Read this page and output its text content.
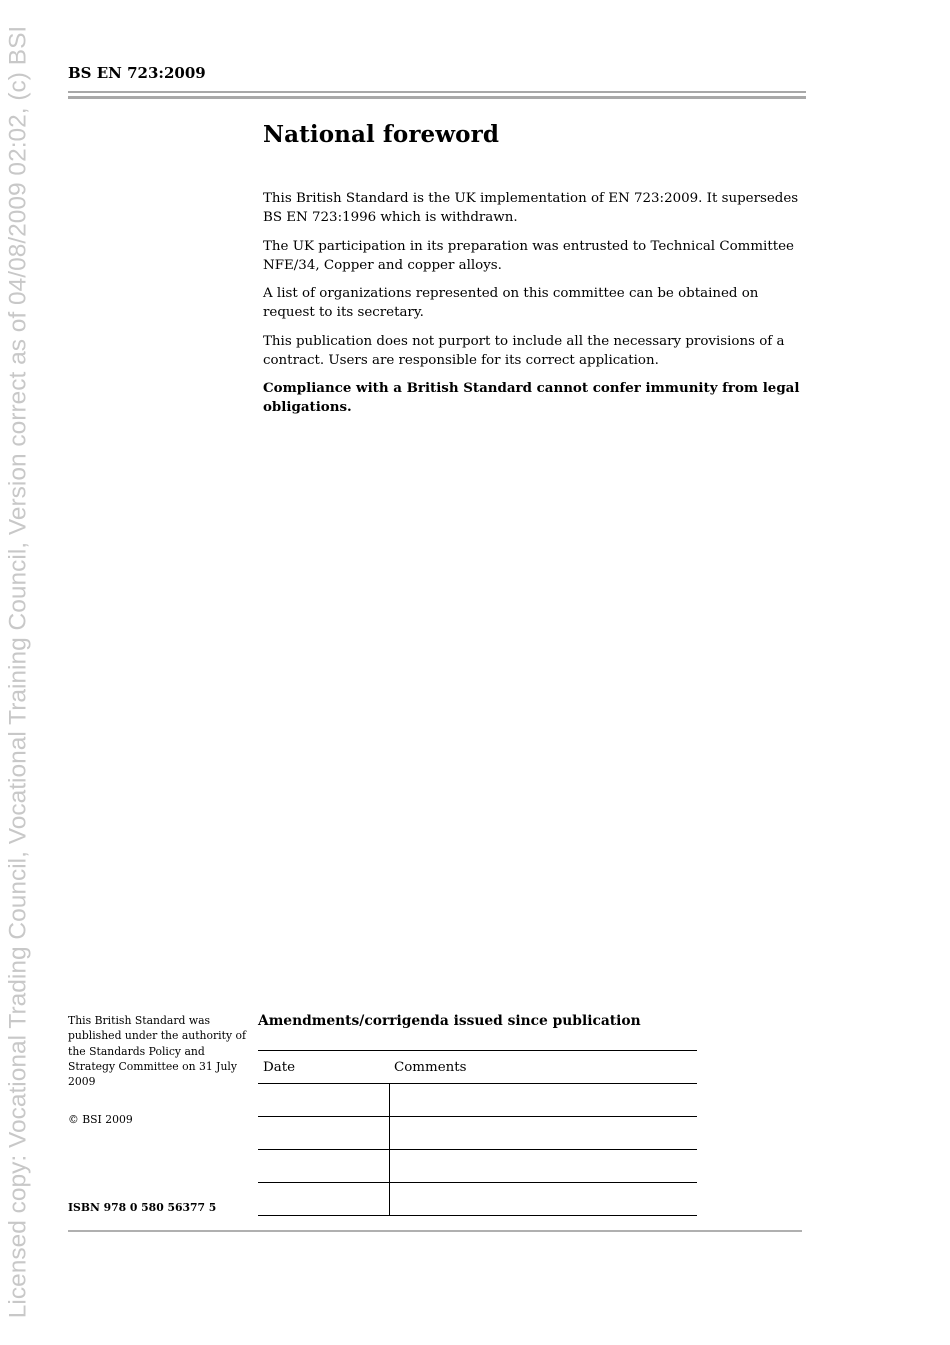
Licensed copy: Vocational Trading Council, Vocational Training Council, Version correct as of 04/08/2009 02:02, (c) BSI BS EN 723:2009
National foreword

This British Standard is the UK implementation of EN 723:2009. It supersedes BS EN 723:1996 which is withdrawn.

The UK participation in its preparation was entrusted to Technical Committee NFE/34, Copper and copper alloys.

A list of organizations represented on this committee can be obtained on request to its secretary.

This publication does not purport to include all the necessary provisions of a contract. Users are responsible for its correct application.

Compliance with a British Standard cannot confer immunity from legal obligations.

This British Standard was published under the authority of the Standards Policy and Strategy Committee on 31 July 2009
© BSI 2009
ISBN 978 0 580 56377 5
Amendments/corrigenda issued since publication
Date	Comments
